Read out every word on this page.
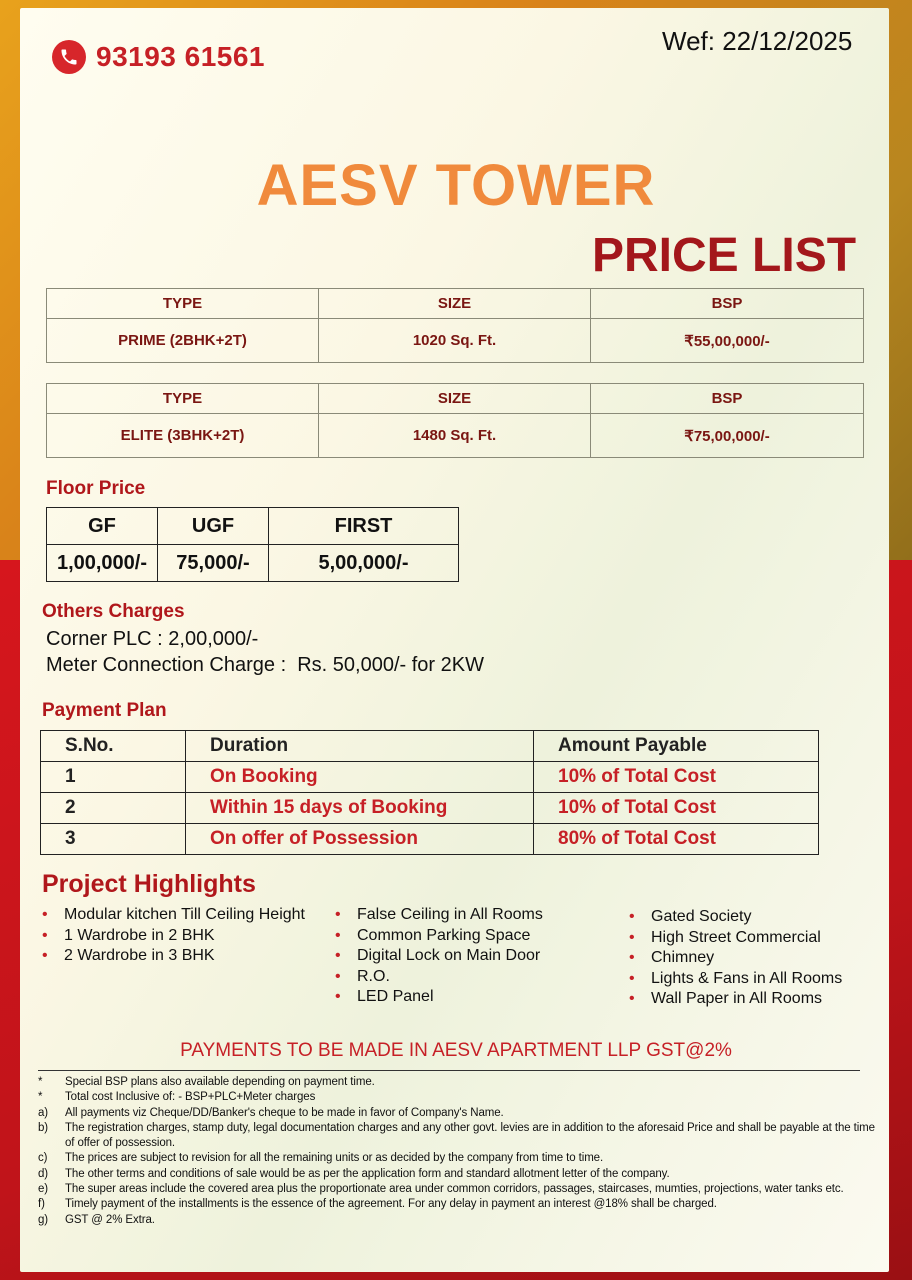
93193 61561	Wef: 22/12/2025
AESV TOWER
PRICE LIST
TYPE	SIZE	BSP
PRIME (2BHK+2T)	1020 Sq. Ft.	₹55,00,000/-
TYPE	SIZE	BSP
ELITE (3BHK+2T)	1480 Sq. Ft.	₹75,00,000/-
Floor Price
GF	UGF	FIRST
1,00,000/-	75,000/-	5,00,000/-
Others Charges
Corner PLC : 2,00,000/-
Meter Connection Charge :  Rs. 50,000/- for 2KW
Payment Plan
S.No.	Duration	Amount Payable
1	On Booking	10% of Total Cost
2	Within 15 days of Booking	10% of Total Cost
3	On offer of Possession	80% of Total Cost
Project Highlights
• Modular kitchen Till Ceiling Height
• 1 Wardrobe in 2 BHK
• 2 Wardrobe in 3 BHK
• False Ceiling in All Rooms
• Common Parking Space
• Digital Lock on Main Door
• R.O.
• LED Panel
• Gated Society
• High Street Commercial
• Chimney
• Lights & Fans in All Rooms
• Wall Paper in All Rooms
PAYMENTS TO BE MADE IN AESV APARTMENT LLP GST@2%
*	Special BSP plans also available depending on payment time.
*	Total cost Inclusive of: - BSP+PLC+Meter charges
a)	All payments viz Cheque/DD/Banker's cheque to be made in favor of Company's Name.
b)	The registration charges, stamp duty, legal documentation charges and any other govt. levies are in addition to the aforesaid Price and shall be payable at the time of offer of possession.
c)	The prices are subject to revision for all the remaining units or as decided by the company from time to time.
d)	The other terms and conditions of sale would be as per the application form and standard allotment letter of the company.
e)	The super areas include the covered area plus the proportionate area under common corridors, passages, staircases, mumties, projections, water tanks etc.
f)	Timely payment of the installments is the essence of the agreement. For any delay in payment an interest @18% shall be charged.
g)	GST @ 2% Extra.
